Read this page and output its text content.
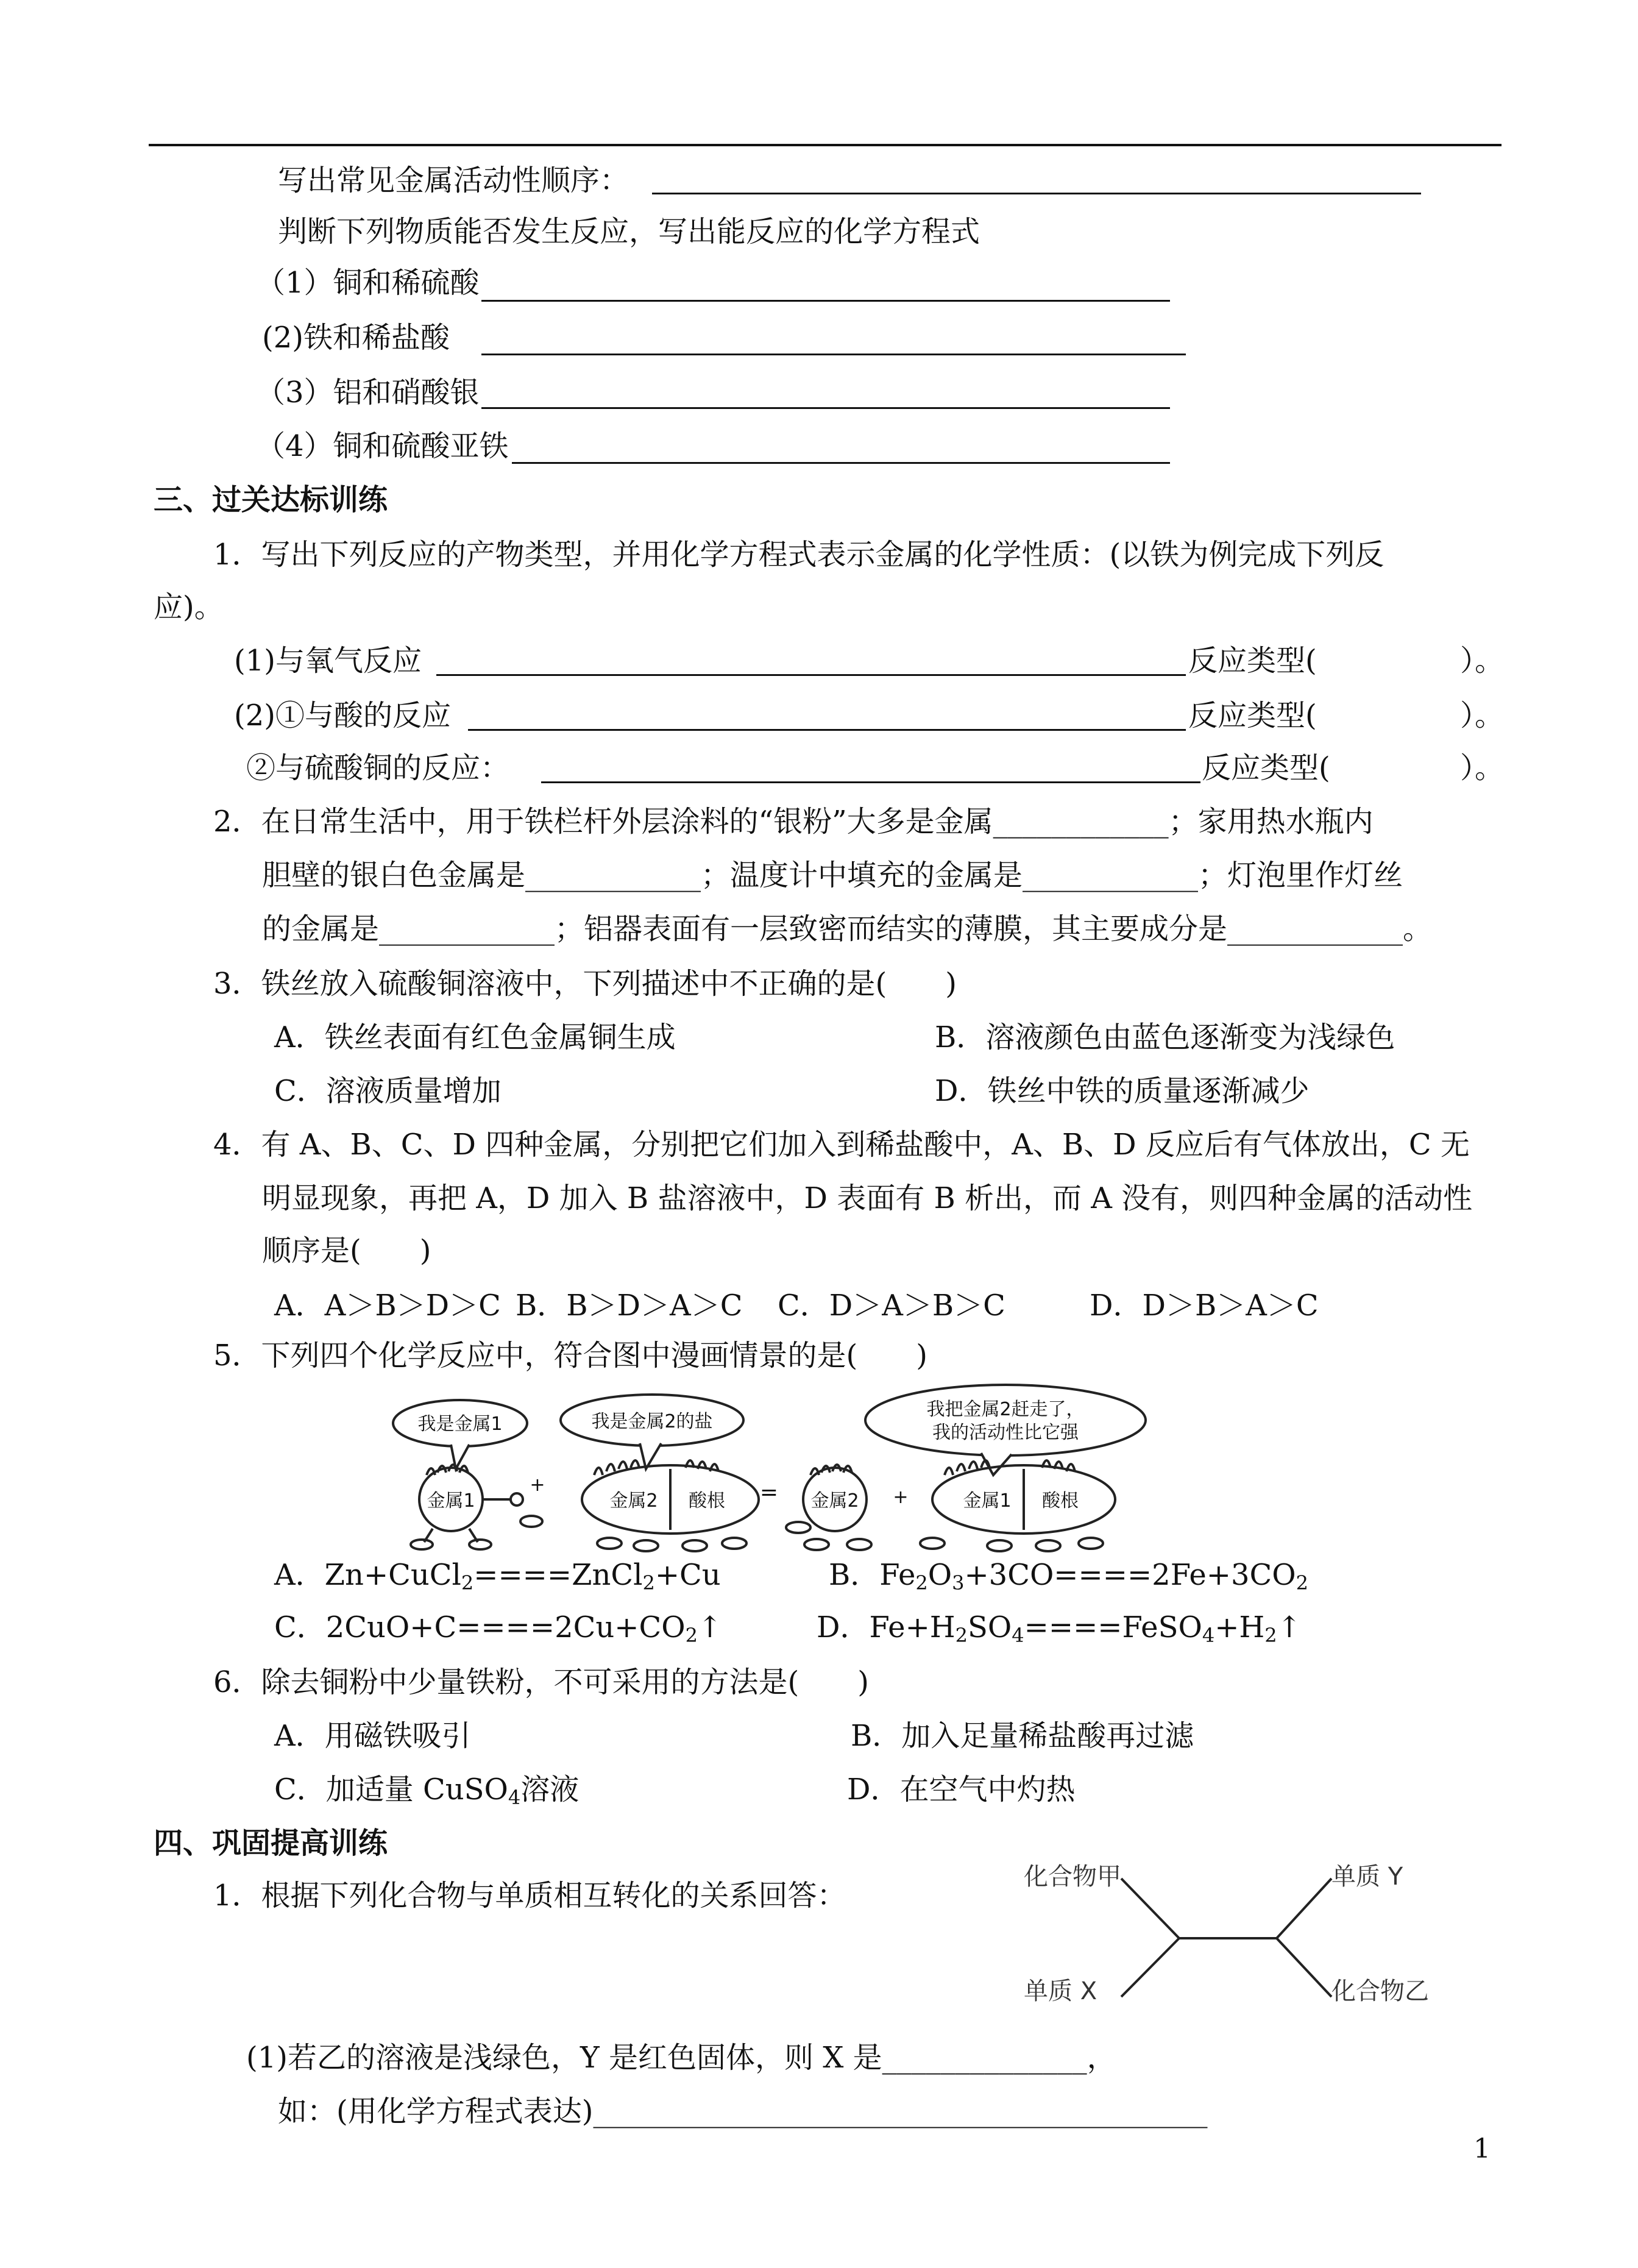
写出常见金属活动性顺序：
判断下列物质能否发生反应，写出能反应的化学方程式
（1）铜和稀硫酸
(2)铁和稀盐酸
（3）铝和硝酸银
（4）铜和硫酸亚铁
三、过关达标训练
1．写出下列反应的产物类型，并用化学方程式表示金属的化学性质：(以铁为例完成下列反
应)。
(1)与氧气反应	反应类型(	）。
(2)①与酸的反应	反应类型(	）。
②与硫酸铜的反应：	反应类型(	）。
2．在日常生活中，用于铁栏杆外层涂料的“银粉”大多是金属____________；家用热水瓶内
胆壁的银白色金属是____________；温度计中填充的金属是____________；灯泡里作灯丝
的金属是____________；铝器表面有一层致密而结实的薄膜，其主要成分是____________。
3．铁丝放入硫酸铜溶液中，下列描述中不正确的是(　　)
A．铁丝表面有红色金属铜生成	B．溶液颜色由蓝色逐渐变为浅绿色
C．溶液质量增加	D．铁丝中铁的质量逐渐减少
4．有 A、B、C、D 四种金属，分别把它们加入到稀盐酸中，A、B、D 反应后有气体放出，C 无
明显现象，再把 A，D 加入 B 盐溶液中，D 表面有 B 析出，而 A 没有，则四种金属的活动性
顺序是(　　)
A．A＞B＞D＞C B．B＞D＞A＞C C．D＞A＞B＞C	D．D＞B＞A＞C
5．下列四个化学反应中，符合图中漫画情景的是(　　)
我是金属1	我是金属2的盐
我把金属2赶走了，
我的活动性比它强
金属1	金属2 酸根	金属2	金属1 酸根
+	=	+
A．Zn+CuCl$_2$====ZnCl$_2$+Cu	B．$Fe_2O_3+3CO====2Fe+3CO_2$
C．$2CuO+C====2Cu+CO_2↑$	D．$Fe+H_2SO_4====FeSO_4+H_2↑$
6．除去铜粉中少量铁粉，不可采用的方法是(　　)
A．用磁铁吸引	B．加入足量稀盐酸再过滤
C．加适量 CuSO$_4$溶液	D．在空气中灼热
四、巩固提高训练
1．根据下列化合物与单质相互转化的关系回答：
化合物甲	单质 Y
单质 X	化合物乙
(1)若乙的溶液是浅绿色，Y 是红色固体，则 X 是______________，
如：(用化学方程式表达)__________________________________________
1
